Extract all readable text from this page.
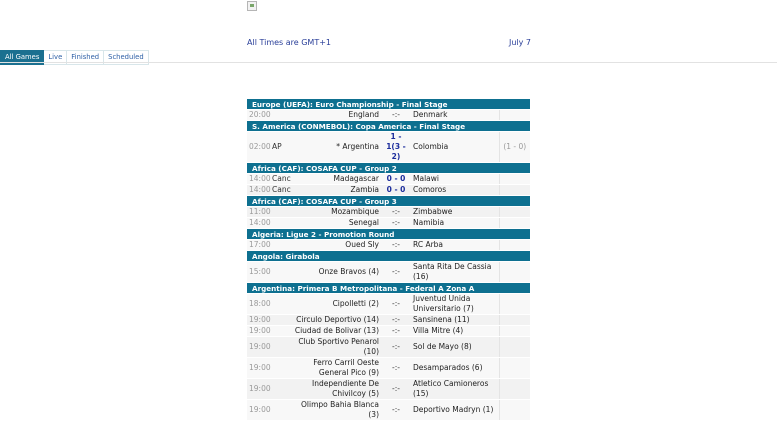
All Times are GMT+1	July 7
All Games	Live	Finished	Scheduled
Europe (UEFA): Euro Championship - Final Stage					
20:00		England	-:-	Denmark	
S. America (CONMEBOL): Copa America - Final Stage					
02:00	AP	* Argentina	1 - 1(3 - 2)	Colombia	(1 - 0)
Africa (CAF): COSAFA CUP - Group 2					
14:00	Canc	Madagascar	0 - 0	Malawi	
14:00	Canc	Zambia	0 - 0	Comoros	
Africa (CAF): COSAFA CUP - Group 3					
11:00		Mozambique	-:-	Zimbabwe	
14:00		Senegal	-:-	Namibia	
Algeria: Ligue 2 - Promotion Round					
17:00		Oued Sly	-:-	RC Arba	
Angola: Girabola					
15:00		Onze Bravos (4)	-:-	Santa Rita De Cassia (16)	
Argentina: Primera B Metropolitana - Federal A Zona A					
18:00		Cipolletti (2)	-:-	Juventud Unida Universitario (7)	
19:00		Circulo Deportivo (14)	-:-	Sansinena (11)	
19:00		Ciudad de Bolivar (13)	-:-	Villa Mitre (4)	
19:00		Club Sportivo Penarol (10)	-:-	Sol de Mayo (8)	
19:00		Ferro Carril Oeste General Pico (9)	-:-	Desamparados (6)	
19:00		Independiente De Chivilcoy (5)	-:-	Atletico Camioneros (15)	
19:00		Olimpo Bahia Blanca (3)	-:-	Deportivo Madryn (1)	
